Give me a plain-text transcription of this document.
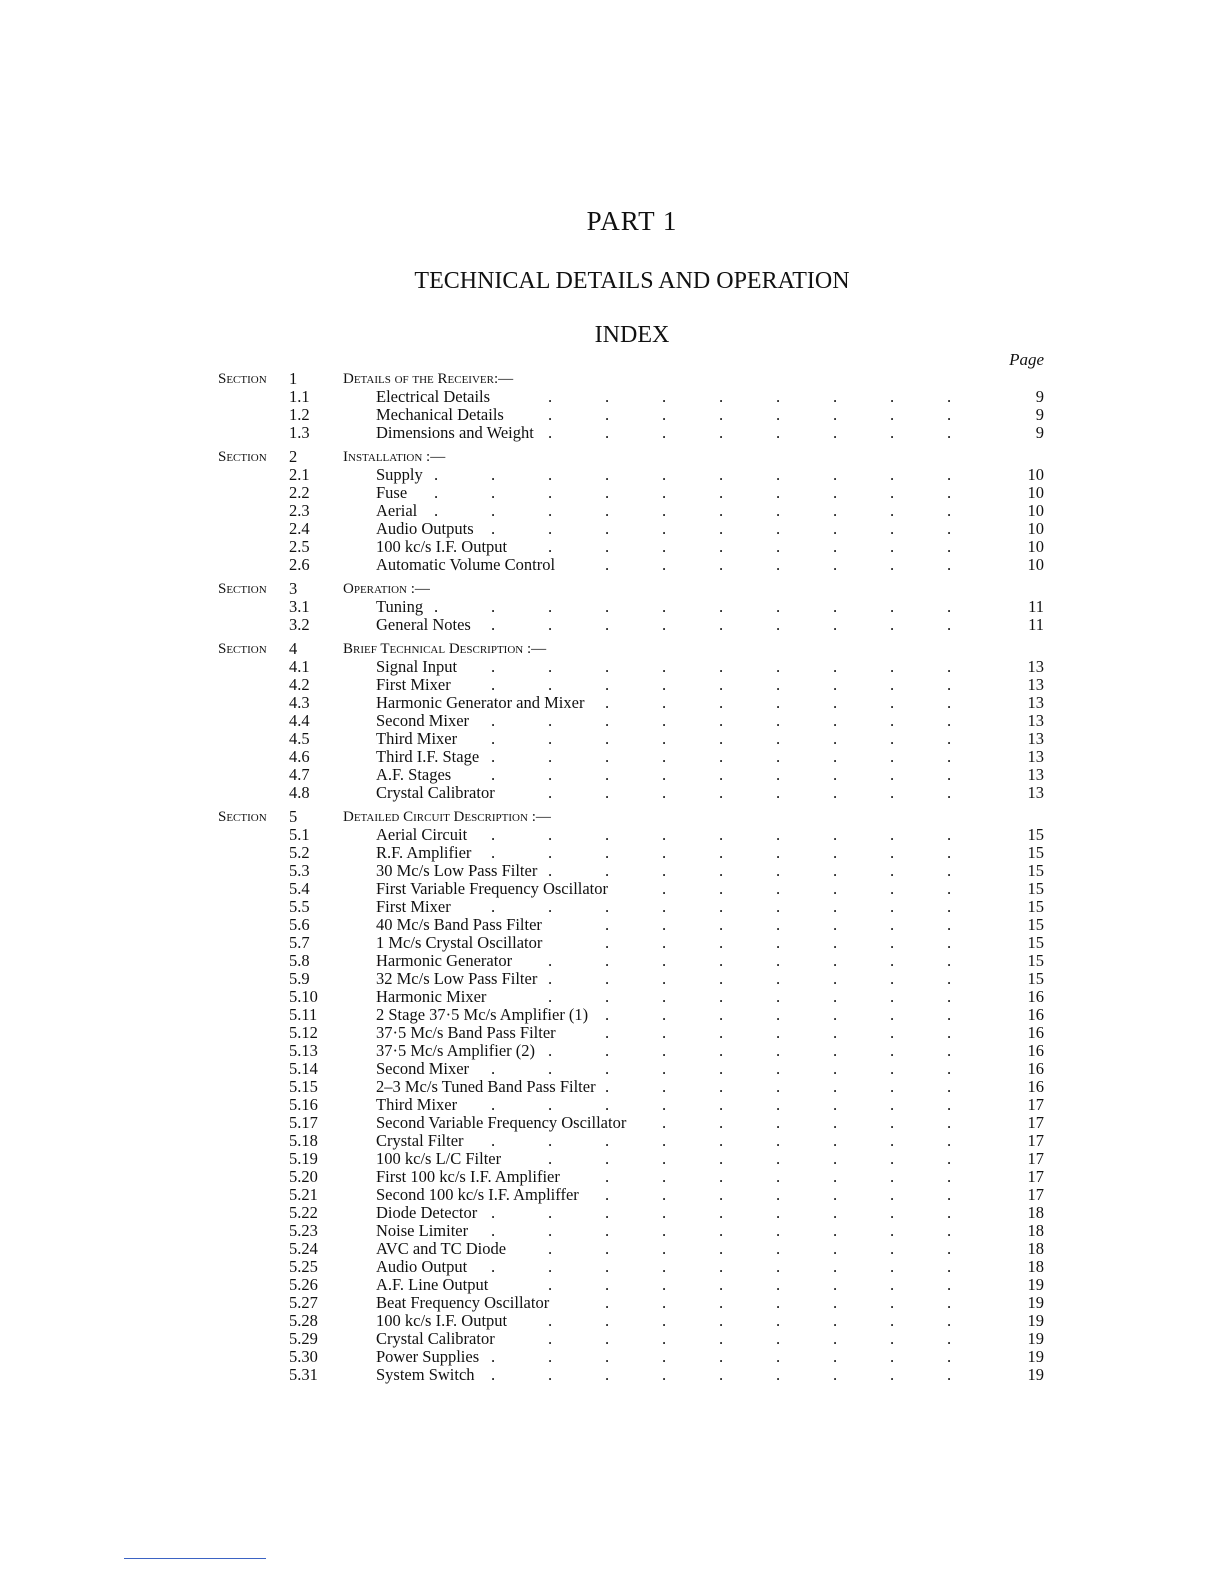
PART 1
TECHNICAL DETAILS AND OPERATION
INDEX
Page
Section 1	Details of the Receiver:—
1.1	Electrical Details	.	.	.	.	.	.	.	.	9
1.2	Mechanical Details	.	.	.	.	.	.	.	.	9
1.3	Dimensions and Weight .	.	.	.	.	.	.	.	9
Section 2	Installation :—
2.1	Supply .	.	.	.	.	.	.	.	.	.	10
2.2	Fuse .	.	.	.	.	.	.	.	.	.	10
2.3	Aerial .	.	.	.	.	.	.	.	.	.	10
2.4	Audio Outputs .	.	.	.	.	.	.	.	.	10
2.5	100 kc/s I.F. Output .	.	.	.	.	.	.	.	10
2.6	Automatic Volume Control	.	.	.	.	.	.	.	10
Section 3	Operation :—
3.1	Tuning .	.	.	.	.	.	.	.	.	.	11
3.2	General Notes .	.	.	.	.	.	.	.	.	11
Section 4	Brief Technical Description :—
4.1	Signal Input .	.	.	.	.	.	.	.	.	13
4.2	First Mixer .	.	.	.	.	.	.	.	.	13
4.3	Harmonic Generator and Mixer .	.	.	.	.	.	.	13
4.4	Second Mixer .	.	.	.	.	.	.	.	.	13
4.5	Third Mixer .	.	.	.	.	.	.	.	.	13
4.6	Third I.F. Stage .	.	.	.	.	.	.	.	.	13
4.7	A.F. Stages .	.	.	.	.	.	.	.	.	13
4.8	Crystal Calibrator	.	.	.	.	.	.	.	.	13
Section 5	Detailed Circuit Description :—
5.1	Aerial Circuit .	.	.	.	.	.	.	.	.	15
5.2	R.F. Amplifier .	.	.	.	.	.	.	.	.	15
5.3	30 Mc/s Low Pass Filter .	.	.	.	.	.	.	.	15
5.4	First Variable Frequency Oscillator	.	.	.	.	.	.	15
5.5	First Mixer .	.	.	.	.	.	.	.	.	15
5.6	40 Mc/s Band Pass Filter	.	.	.	.	.	.	.	15
5.7	1 Mc/s Crystal Oscillator	.	.	.	.	.	.	.	15
5.8	Harmonic Generator .	.	.	.	.	.	.	.	15
5.9	32 Mc/s Low Pass Filter .	.	.	.	.	.	.	.	15
5.10	Harmonic Mixer	.	.	.	.	.	.	.	.	16
5.11	2 Stage 37·5 Mc/s Amplifier (1) .	.	.	.	.	.	.	16
5.12	37·5 Mc/s Band Pass Filter	.	.	.	.	.	.	.	16
5.13	37·5 Mc/s Amplifier (2) .	.	.	.	.	.	.	.	16
5.14	Second Mixer .	.	.	.	.	.	.	.	.	16
5.15	2–3 Mc/s Tuned Band Pass Filter .	.	.	.	.	.	.	16
5.16	Third Mixer .	.	.	.	.	.	.	.	.	17
5.17	Second Variable Frequency Oscillator .	.	.	.	.	.	17
5.18	Crystal Filter .	.	.	.	.	.	.	.	.	17
5.19	100 kc/s L/C Filter	.	.	.	.	.	.	.	.	17
5.20	First 100 kc/s I.F. Amplifier	.	.	.	.	.	.	.	17
5.21	Second 100 kc/s I.F. Ampliffer .	.	.	.	.	.	.	17
5.22	Diode Detector .	.	.	.	.	.	.	.	.	18
5.23	Noise Limiter .	.	.	.	.	.	.	.	.	18
5.24	AVC and TC Diode	.	.	.	.	.	.	.	.	18
5.25	Audio Output .	.	.	.	.	.	.	.	.	18
5.26	A.F. Line Output	.	.	.	.	.	.	.	.	19
5.27	Beat Frequency Oscillator	.	.	.	.	.	.	.	19
5.28	100 kc/s I.F. Output .	.	.	.	.	.	.	.	19
5.29	Crystal Calibrator	.	.	.	.	.	.	.	.	19
5.30	Power Supplies .	.	.	.	.	.	.	.	.	19
5.31	System Switch .	.	.	.	.	.	.	.	.	19
